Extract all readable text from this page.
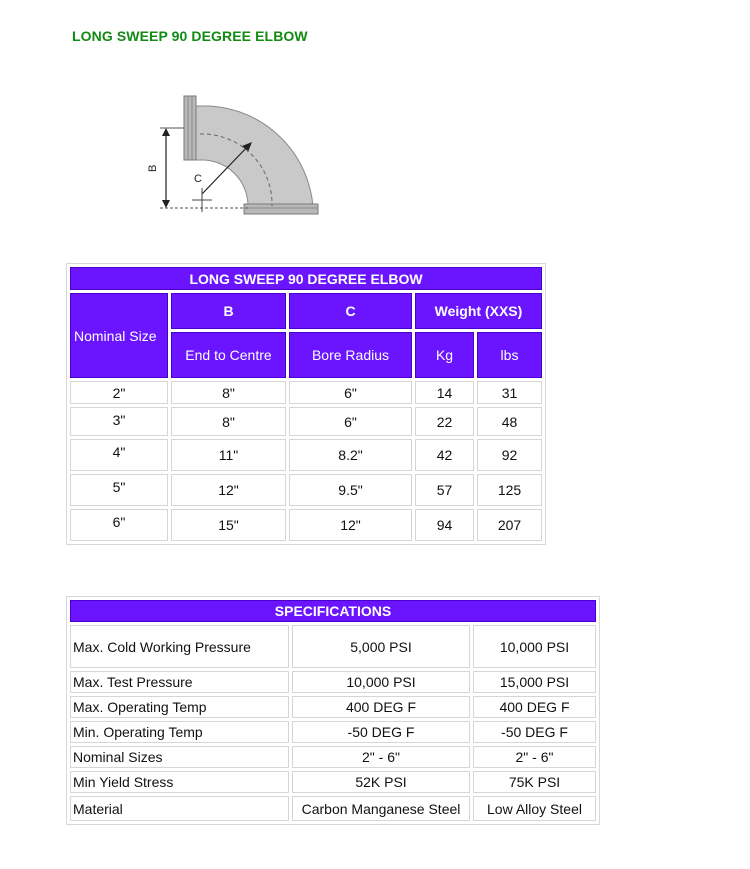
LONG SWEEP 90 DEGREE ELBOW
B
C
LONG SWEEP 90 DEGREE ELBOW				
Nominal Size	B	C	Weight (XXS)	
	End to Centre	Bore Radius	Kg	lbs
2"	8"	6"	14	31
3"	8"	6"	22	48
4"	11"	8.2"	42	92
5"	12"	9.5"	57	125
6"	15"	12"	94	207
SPECIFICATIONS		
Max. Cold Working Pressure	5,000 PSI	10,000 PSI
Max. Test Pressure	10,000 PSI	15,000 PSI
Max. Operating Temp	400 DEG F	400 DEG F
Min. Operating Temp	-50 DEG F	-50 DEG F
Nominal Sizes	2" - 6"	2" - 6"
Min Yield Stress	52K PSI	75K PSI
Material	Carbon Manganese Steel	Low Alloy Steel
